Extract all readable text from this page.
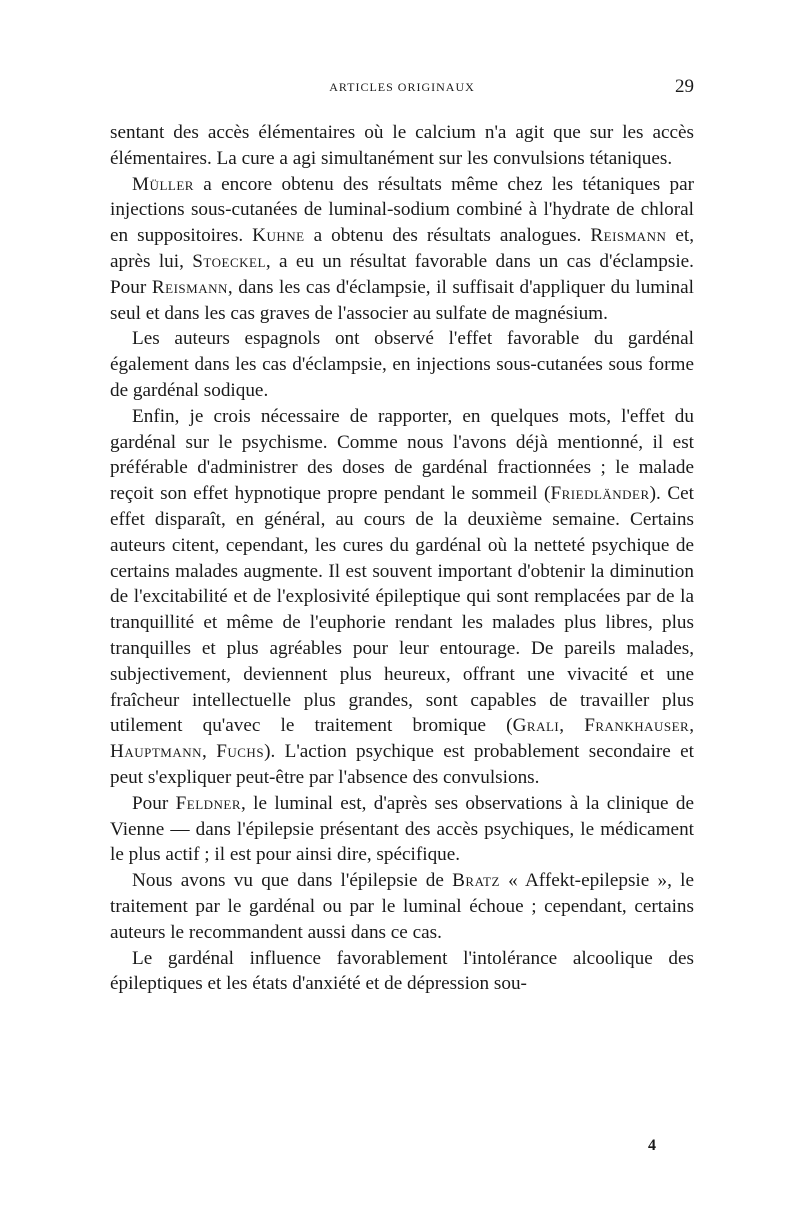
ARTICLES ORIGINAUX	29

sentant des accès élémentaires où le calcium n'a agit que sur les accès élémentaires. La cure a agi simultanément sur les convulsions tétaniques.

Müller a encore obtenu des résultats même chez les tétaniques par injections sous-cutanées de luminal-sodium combiné à l'hydrate de chloral en suppositoires. Kuhne a obtenu des résultats analogues. Reismann et, après lui, Stoeckel, a eu un résultat favorable dans un cas d'éclampsie. Pour Reismann, dans les cas d'éclampsie, il suffisait d'appliquer du luminal seul et dans les cas graves de l'associer au sulfate de magnésium.

Les auteurs espagnols ont observé l'effet favorable du gardénal également dans les cas d'éclampsie, en injections sous-cutanées sous forme de gardénal sodique.

Enfin, je crois nécessaire de rapporter, en quelques mots, l'effet du gardénal sur le psychisme. Comme nous l'avons déjà mentionné, il est préférable d'administrer des doses de gardénal fractionnées ; le malade reçoit son effet hypnotique propre pendant le sommeil (Friedländer). Cet effet disparaît, en général, au cours de la deuxième semaine. Certains auteurs citent, cependant, les cures du gardénal où la netteté psychique de certains malades augmente. Il est souvent important d'obtenir la diminution de l'excitabilité et de l'explosivité épileptique qui sont remplacées par de la tranquillité et même de l'euphorie rendant les malades plus libres, plus tranquilles et plus agréables pour leur entourage. De pareils malades, subjectivement, deviennent plus heureux, offrant une vivacité et une fraîcheur intellectuelle plus grandes, sont capables de travailler plus utilement qu'avec le traitement bromique (Grali, Frankhauser, Hauptmann, Fuchs). L'action psychique est probablement secondaire et peut s'expliquer peut-être par l'absence des convulsions.

Pour Feldner, le luminal est, d'après ses observations à la clinique de Vienne — dans l'épilepsie présentant des accès psychiques, le médicament le plus actif ; il est pour ainsi dire, spécifique.

Nous avons vu que dans l'épilepsie de Bratz « Affekt-epilepsie », le traitement par le gardénal ou par le luminal échoue ; cependant, certains auteurs le recommandent aussi dans ce cas.

Le gardénal influence favorablement l'intolérance alcoolique des épileptiques et les états d'anxiété et de dépression sou-

4
